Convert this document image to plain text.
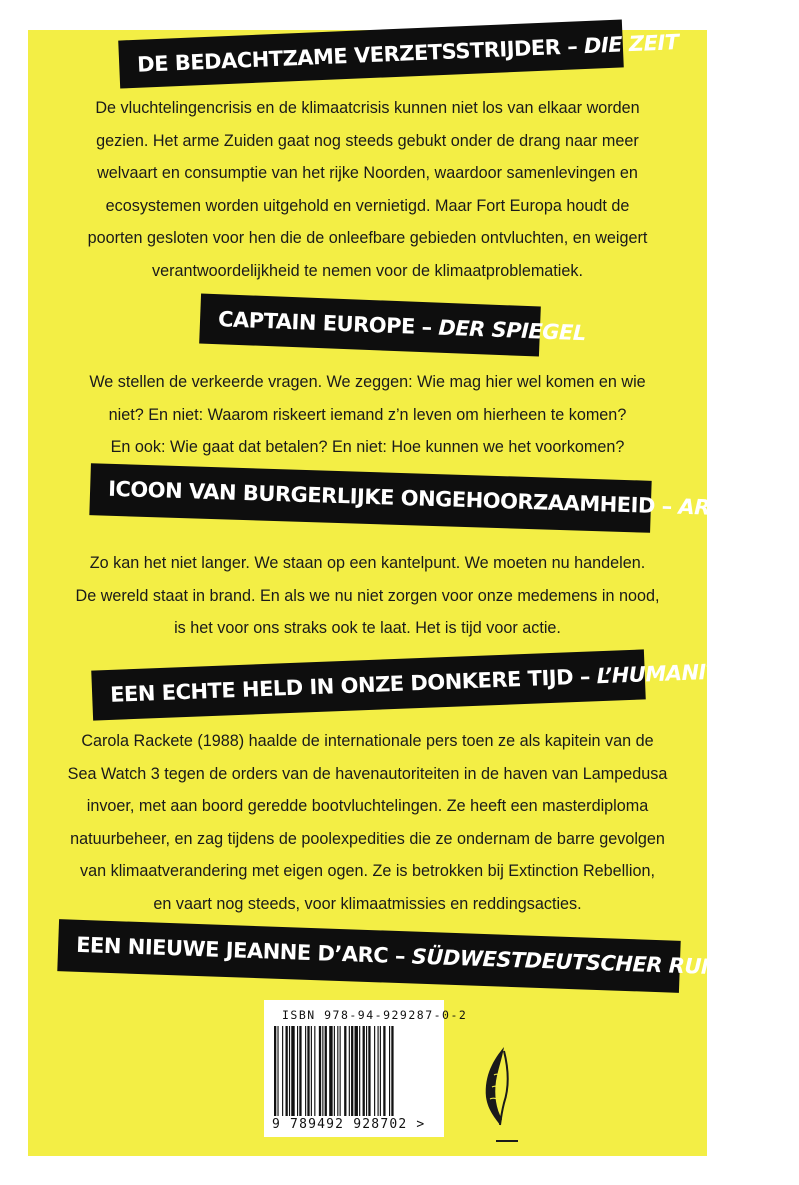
DE BEDACHTZAME VERZETSSTRIJDER – DIE ZEIT
De vluchtelingencrisis en de klimaatcrisis kunnen niet los van elkaar worden
gezien. Het arme Zuiden gaat nog steeds gebukt onder de drang naar meer
welvaart en consumptie van het rijke Noorden, waardoor samenlevingen en
ecosystemen worden uitgehold en vernietigd. Maar Fort Europa houdt de
poorten gesloten voor hen die de onleefbare gebieden ontvluchten, en weigert
verantwoordelijkheid te nemen voor de klimaatproblematiek.
CAPTAIN EUROPE – DER SPIEGEL
We stellen de verkeerde vragen. We zeggen: Wie mag hier wel komen en wie
niet? En niet: Waarom riskeert iemand z’n leven om hierheen te komen?
En ook: Wie gaat dat betalen? En niet: Hoe kunnen we het voorkomen?
ICOON VAN BURGERLIJKE ONGEHOORZAAMHEID – ARTE
Zo kan het niet langer. We staan op een kantelpunt. We moeten nu handelen.
De wereld staat in brand. En als we nu niet zorgen voor onze medemens in nood,
is het voor ons straks ook te laat. Het is tijd voor actie.
EEN ECHTE HELD IN ONZE DONKERE TIJD – L’HUMANITÉ
Carola Rackete (1988) haalde de internationale pers toen ze als kapitein van de
Sea Watch 3 tegen de orders van de havenautoriteiten in de haven van Lampedusa
invoer, met aan boord geredde bootvluchtelingen. Ze heeft een masterdiploma
natuurbeheer, en zag tijdens de poolexpedities die ze ondernam de barre gevolgen
van klimaatverandering met eigen ogen. Ze is betrokken bij Extinction Rebellion,
en vaart nog steeds, voor klimaatmissies en reddingsacties.
EEN NIEUWE JEANNE D’ARC – SÜDWESTDEUTSCHER RUNDFUNK
ISBN 978-94-929287-0-2
9 789492 928702 >
